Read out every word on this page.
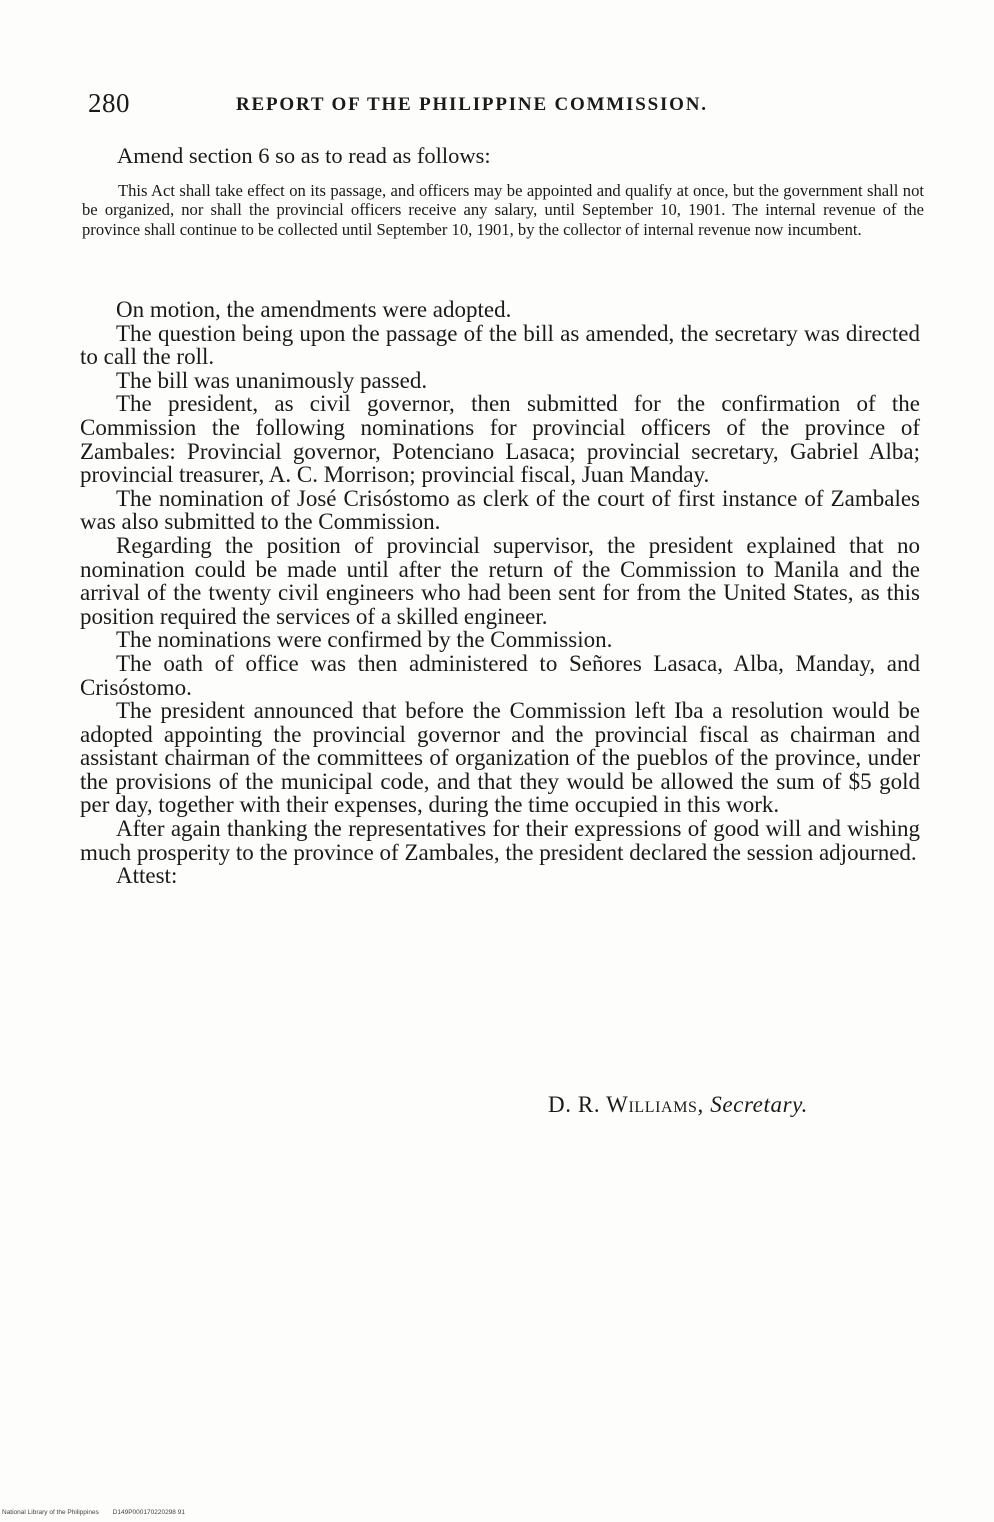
280	REPORT OF THE PHILIPPINE COMMISSION.
Amend section 6 so as to read as follows:
This Act shall take effect on its passage, and officers may be appointed and qualify at once, but the government shall not be organized, nor shall the provincial officers receive any salary, until September 10, 1901. The internal revenue of the province shall continue to be collected until September 10, 1901, by the collector of internal revenue now incumbent.

On motion, the amendments were adopted.

The question being upon the passage of the bill as amended, the secretary was directed to call the roll.

The bill was unanimously passed.

The president, as civil governor, then submitted for the confirmation of the Commission the following nominations for provincial officers of the province of Zambales: Provincial governor, Potenciano Lasaca; provincial secretary, Gabriel Alba; provincial treasurer, A. C. Morrison; provincial fiscal, Juan Manday.

The nomination of José Crisóstomo as clerk of the court of first instance of Zambales was also submitted to the Commission.

Regarding the position of provincial supervisor, the president explained that no nomination could be made until after the return of the Commission to Manila and the arrival of the twenty civil engineers who had been sent for from the United States, as this position required the services of a skilled engineer.

The nominations were confirmed by the Commission.

The oath of office was then administered to Señores Lasaca, Alba, Manday, and Crisóstomo.

The president announced that before the Commission left Iba a resolution would be adopted appointing the provincial governor and the provincial fiscal as chairman and assistant chairman of the committees of organization of the pueblos of the province, under the provisions of the municipal code, and that they would be allowed the sum of $5 gold per day, together with their expenses, during the time occupied in this work.

After again thanking the representatives for their expressions of good will and wishing much prosperity to the province of Zambales, the president declared the session adjourned.

Attest:

D. R. Williams, Secretary.
National Library of the Philippines D149P000170220298 91
